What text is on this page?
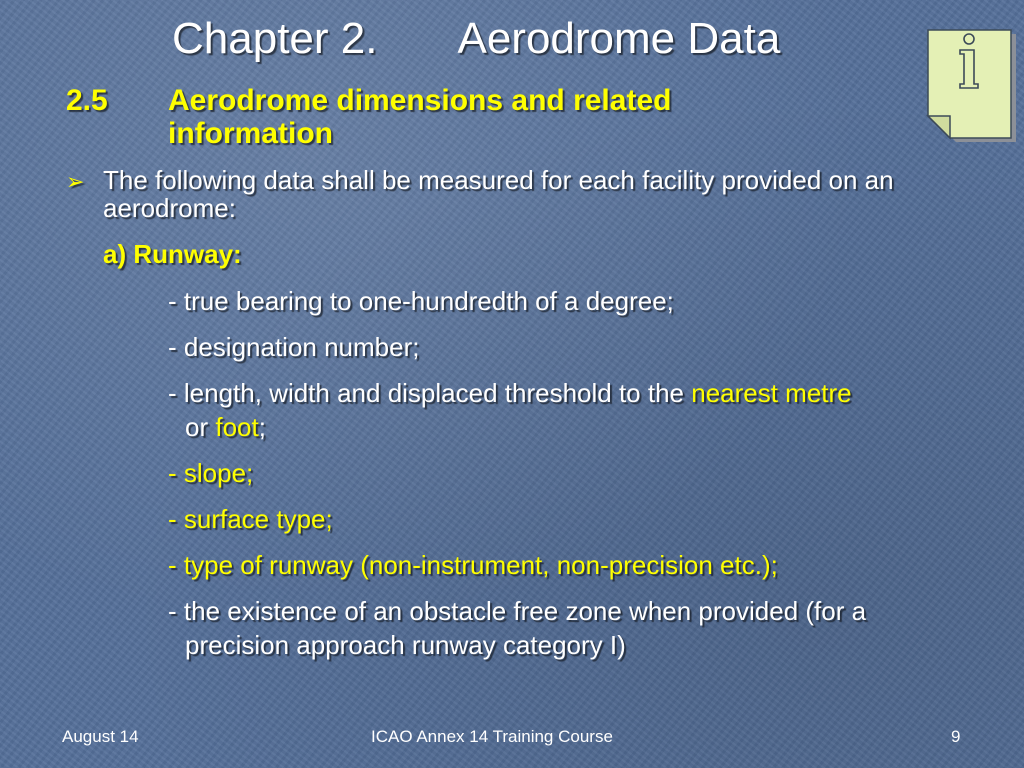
Chapter 2. Aerodrome Data
2.5 Aerodrome dimensions and related information
➢ The following data shall be measured for each facility provided on an aerodrome:
a) Runway:
- true bearing to one-hundredth of a degree;
- designation number;
- length, width and displaced threshold to the nearest metre
or foot;
- slope;
- surface type;
- type of runway (non-instrument, non-precision etc.);
- the existence of an obstacle free zone when provided (for a
precision approach runway category I)
August 14	ICAO Annex 14 Training Course	9
